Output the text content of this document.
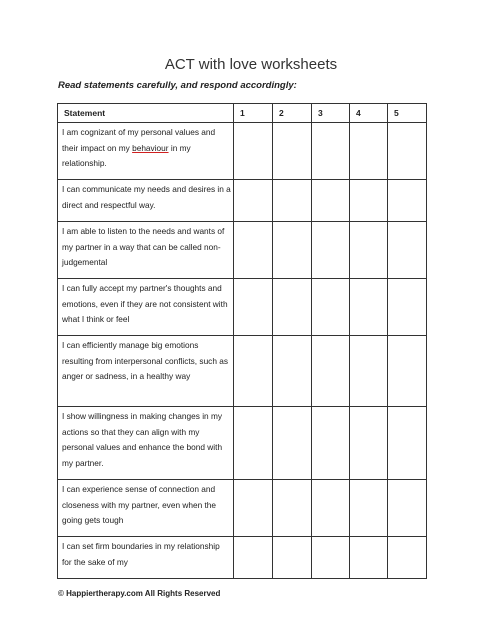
ACT with love worksheets
Read statements carefully, and respond accordingly:
Statement	1	2	3	4	5
I am cognizant of my personal values and their impact on my behaviour in my relationship.					
I can communicate my needs and desires in a direct and respectful way.					
I am able to listen to the needs and wants of my partner in a way that can be called non-judgemental					
I can fully accept my partner's thoughts and emotions, even if they are not consistent with what I think or feel					
I can efficiently manage big emotions resulting from interpersonal conflicts, such as anger or sadness, in a healthy way					
I show willingness in making changes in my actions so that they can align with my personal values and enhance the bond with my partner.					
I can experience sense of connection and closeness with my partner, even when the going gets tough					
I can set firm boundaries in my relationship for the sake of my					
© Happiertherapy.com All Rights Reserved
